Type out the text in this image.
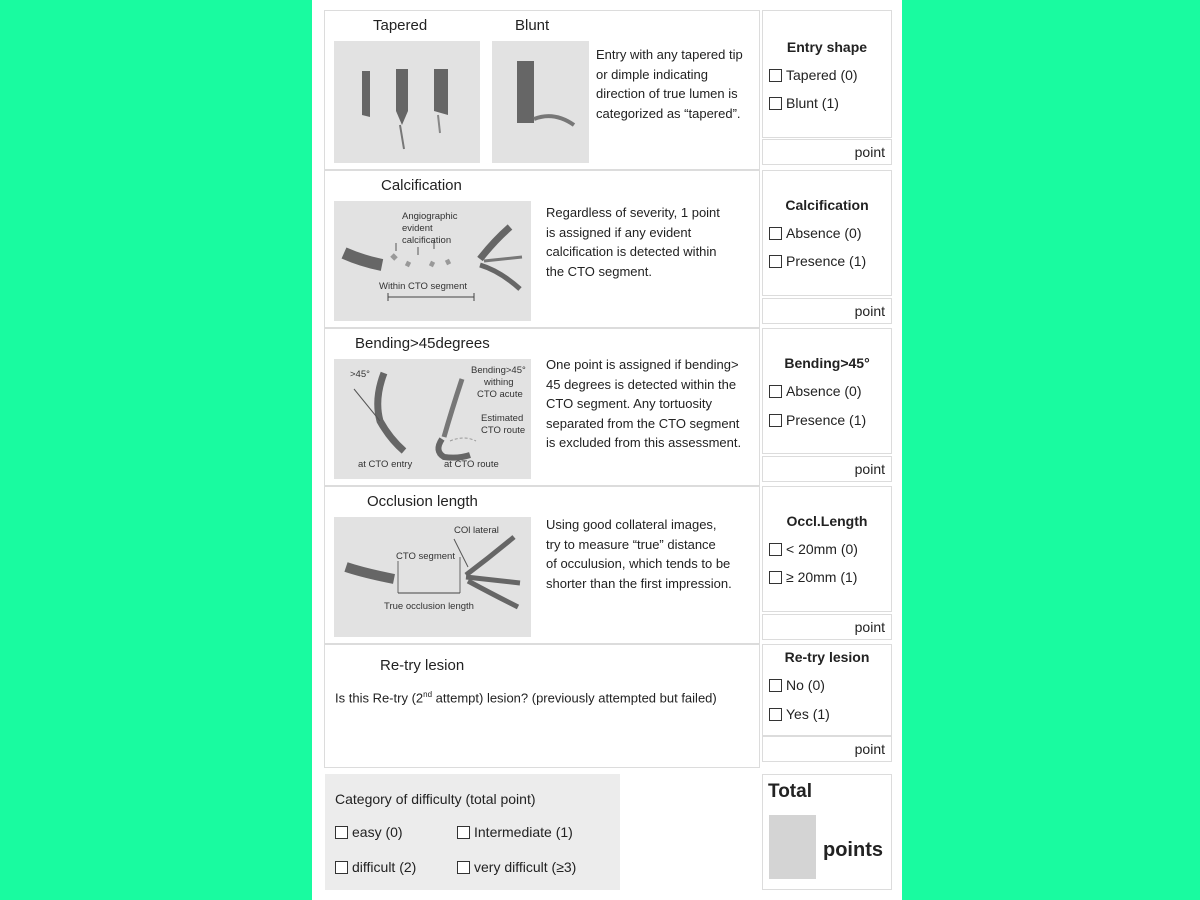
Tapered	Blunt
Entry with any tapered tip
or dimple indicating
direction of true lumen is
categorized as “tapered”.
Entry shape
Tapered (0)
Blunt (1)
point
Calcification
Angiographic
evident
calcification
Within CTO segment
Regardless of severity, 1 point
is assigned if any evident
calcification is detected within
the CTO segment.
Calcification
Absence (0)
Presence (1)
point
Bending>45degrees
>45°
at CTO entry
Bending>45°
withing
CTO acute
Estimated
CTO route
at CTO route
One point is assigned if bending>
45 degrees is detected within the
CTO segment. Any tortuosity
separated from the CTO segment
is excluded from this assessment.
Bending>45°
Absence (0)
Presence (1)
point
Occlusion length
COl lateral
CTO segment
True occlusion length
Using good collateral images,
try to measure “true” distance
of occulusion, which tends to be
shorter than the first impression.
Occl.Length
< 20mm (0)
≥ 20mm (1)
point
Re-try lesion
Is this Re-try (2nd attempt) lesion? (previously attempted but failed)
Re-try lesion
No (0)
Yes (1)
point
Category of difficulty (total point)
easy (0)	Intermediate (1)
difficult (2)	very difficult (≥3)
Total
points
